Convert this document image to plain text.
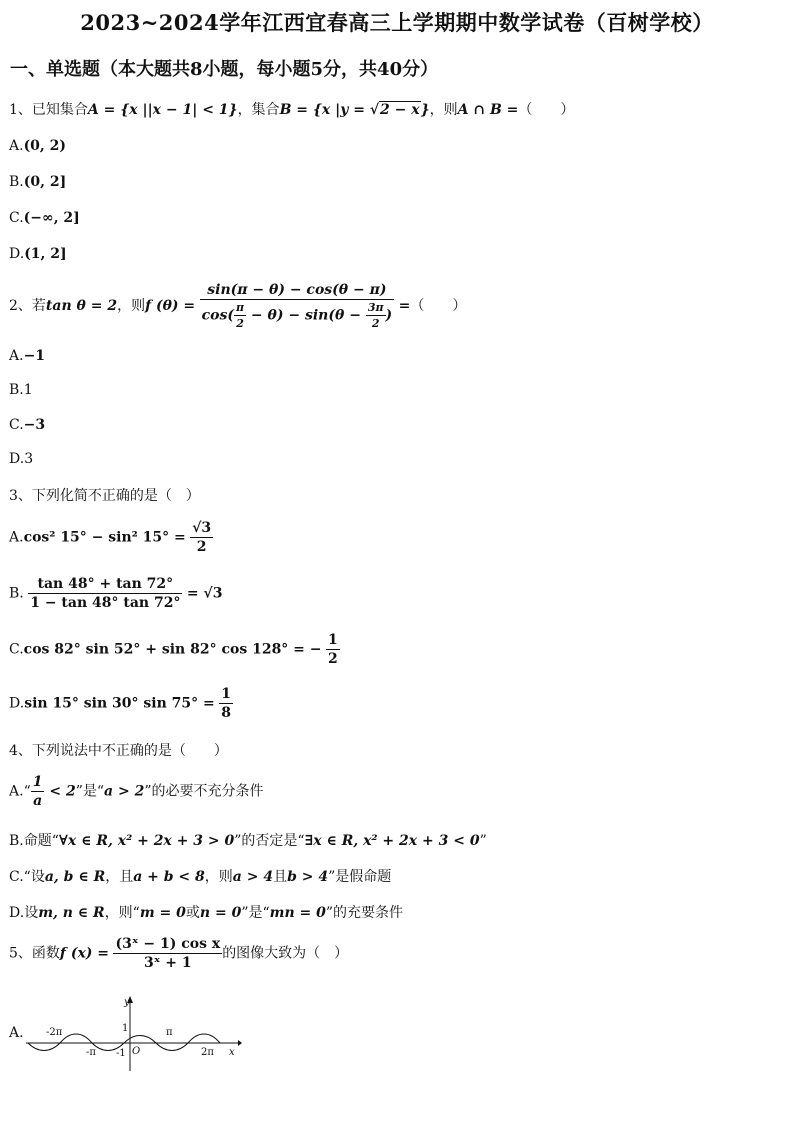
2023~2024学年江西宜春高三上学期期中数学试卷（百树学校）
一、单选题（本大题共8小题，每小题5分，共40分）
1、已知集合A = {x ||x − 1| < 1}，集合B = {x |y = √2 − x}，则A ∩ B =（　　）
A.(0, 2)
B.(0, 2]
C.(−∞, 2]
D.(1, 2]
2、若tan θ = 2，则f $(\theta) = \frac{\sin(\pi - \theta) - \cos(\theta - \pi)}{\cos( \frac{\pi}{2} - \theta) - \sin(\theta - \frac{3\pi}{2} )}$ =（　　）
A.−1
B.1
C.−3
D.3
3、下列化简不正确的是（　）
A.cos² 15° − sin² $15^\circ = \frac{√3}{2}$
B. $\frac{\tan 48^\circ + \tan 72^\circ}{1 - \tan 48^\circ \tan 72^\circ} = √3$
C.cos 82° sin 52° + sin 82° cos 128° = − $\frac{1}{2}$
D.sin 15° sin 30° $\sin 75^\circ = \frac{1}{8}$
4、下列说法中不正确的是（　　）
A.“ $\frac{1}{a} < 2$”是“a > 2”的必要不充分条件
B.命题“∀x ∈ R, x² + 2x + 3 > 0”的否定是“∃x ∈ R, x² + 2x + 3 < 0”
C.“设a, b ∈ R，且a + b < 8，则a > 4且b > 4”是假命题
D.设m, n ∈ R，则“m = 0或n = 0”是“mn = 0”的充要条件
5、函数f $(x) = \frac{\text{(3ˣ − 1) cos x}}{\text{3ˣ + 1}}$ 的图像大致为（　）
A.
y
x
-2π
-π
π
2π
1
-1 O
